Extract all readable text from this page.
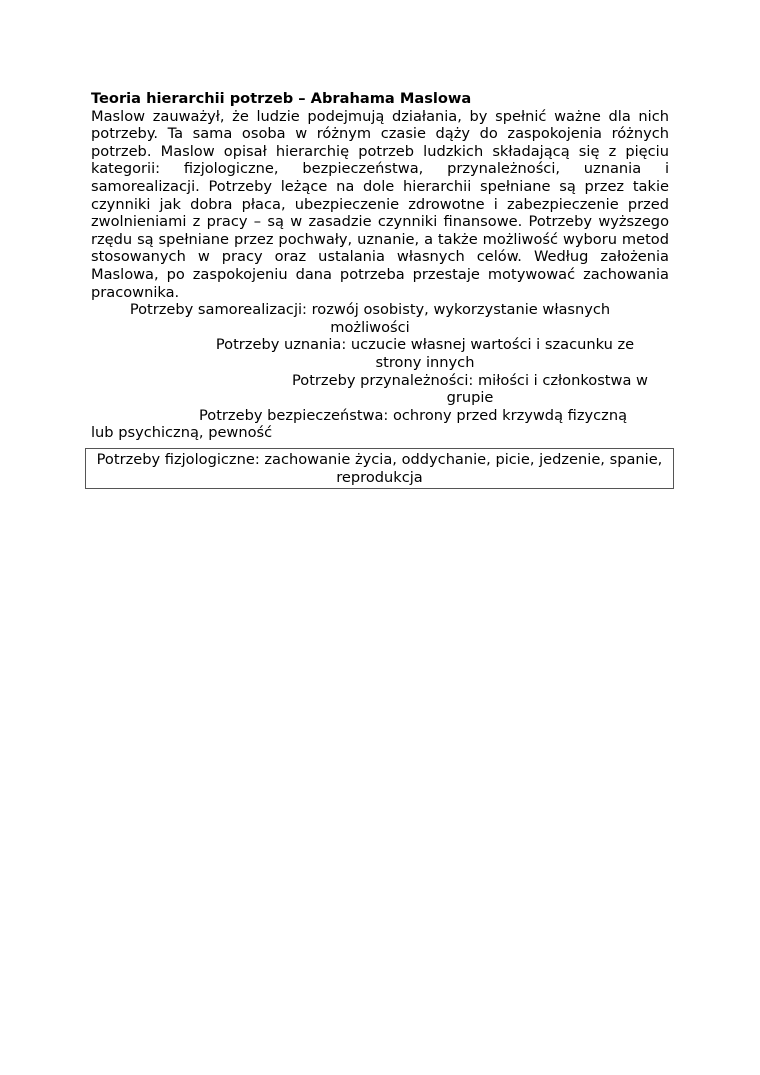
Teoria hierarchii potrzeb – Abrahama Maslowa

Maslow zauważył, że ludzie podejmują działania, by spełnić ważne dla nich potrzeby. Ta sama osoba w różnym czasie dąży do zaspokojenia różnych potrzeb. Maslow opisał hierarchię potrzeb ludzkich składającą się z pięciu kategorii: fizjologiczne, bezpieczeństwa, przynależności, uznania i samorealizacji. Potrzeby leżące na dole hierarchii spełniane są przez takie czynniki jak dobra płaca, ubezpieczenie zdrowotne i zabezpieczenie przed zwolnieniami z pracy – są w zasadzie czynniki finansowe. Potrzeby wyższego rzędu są spełniane przez pochwały, uznanie, a także możliwość wyboru metod stosowanych w pracy oraz ustalania własnych celów. Według założenia Maslowa, po zaspokojeniu dana potrzeba przestaje motywować zachowania pracownika.

Potrzeby samorealizacji: rozwój osobisty, wykorzystanie własnych możliwości

Potrzeby uznania: uczucie własnej wartości i szacunku ze strony innych

Potrzeby przynależności: miłości i członkostwa w grupie

Potrzeby bezpieczeństwa: ochrony przed krzywdą fizyczną lub psychiczną, pewność

Potrzeby fizjologiczne: zachowanie życia, oddychanie, picie, jedzenie, spanie, reprodukcja
